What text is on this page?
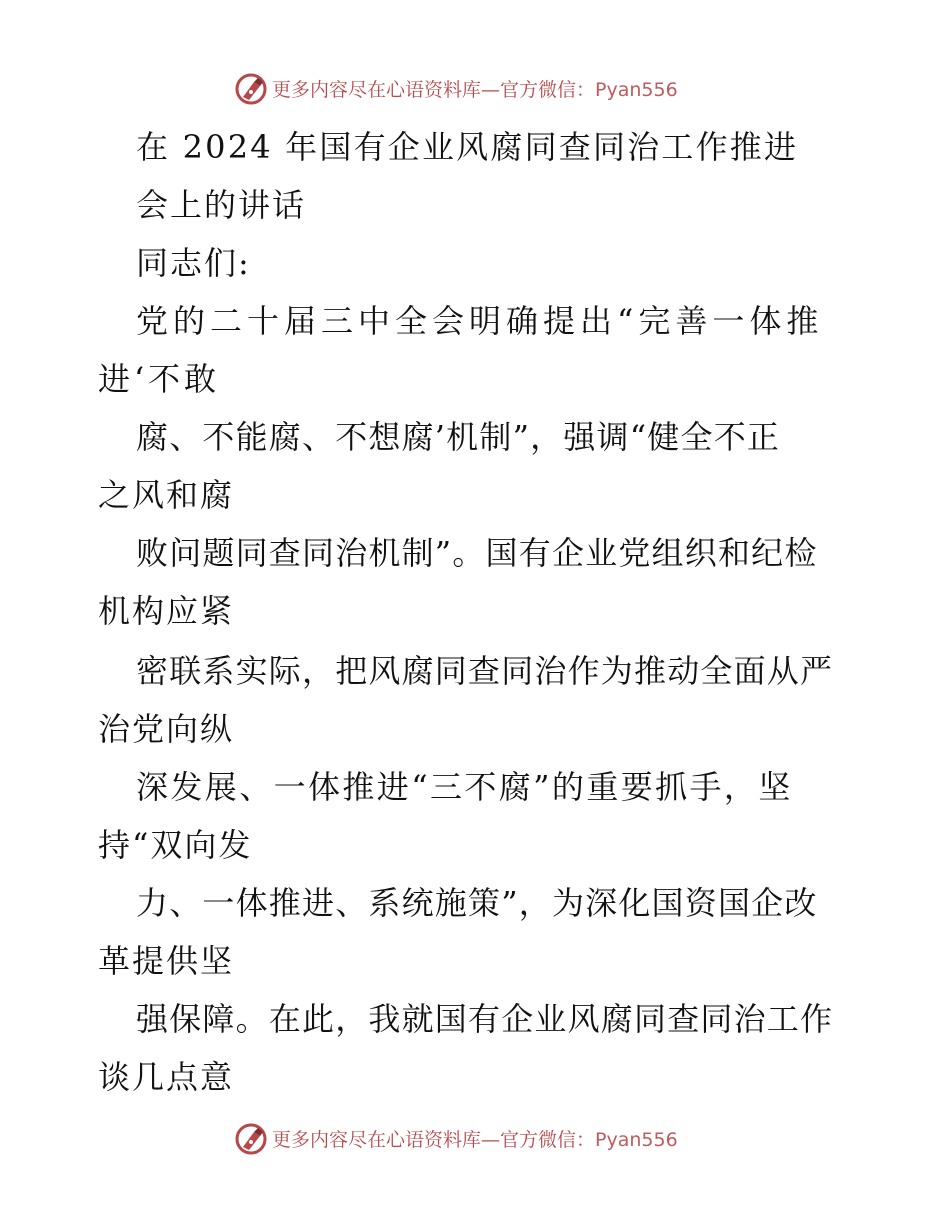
更多内容尽在心语资料库—官方微信：Pyan556
在 2024 年国有企业风腐同查同治工作推进
会上的讲话
同志们:
党的二十届三中全会明确提出“完善一体推
进‘不敢
腐、不能腐、不想腐’机制”，强调“健全不正
之风和腐
败问题同查同治机制”。国有企业党组织和纪检
机构应紧
密联系实际，把风腐同查同治作为推动全面从严
治党向纵
深发展、一体推进“三不腐”的重要抓手，坚
持“双向发
力、一体推进、系统施策”，为深化国资国企改
革提供坚
强保障。在此，我就国有企业风腐同查同治工作
谈几点意
更多内容尽在心语资料库—官方微信：Pyan556
